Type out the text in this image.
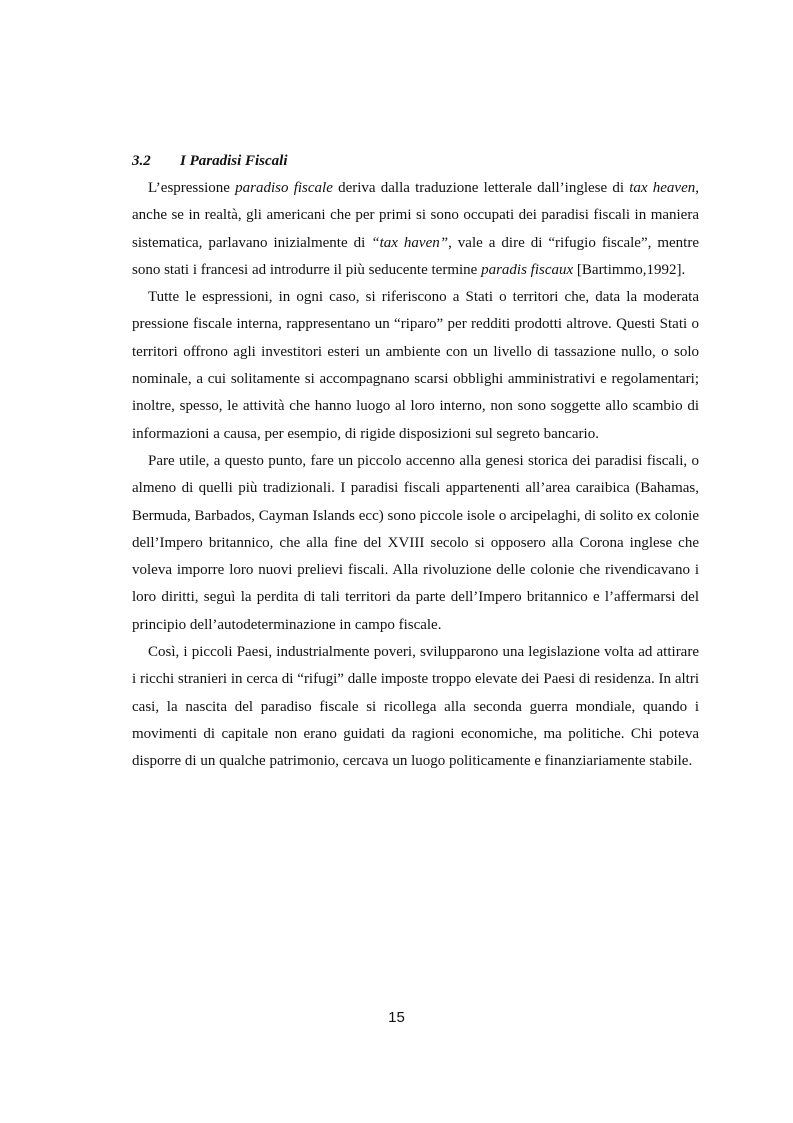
3.2 I Paradisi Fiscali

L’espressione paradiso fiscale deriva dalla traduzione letterale dall’inglese di tax heaven, anche se in realtà, gli americani che per primi si sono occupati dei paradisi fiscali in maniera sistematica, parlavano inizialmente di “tax haven”, vale a dire di “rifugio fiscale”, mentre sono stati i francesi ad introdurre il più seducente termine paradis fiscaux [Bartimmo,1992].

Tutte le espressioni, in ogni caso, si riferiscono a Stati o territori che, data la moderata pressione fiscale interna, rappresentano un “riparo” per redditi prodotti altrove. Questi Stati o territori offrono agli investitori esteri un ambiente con un livello di tassazione nullo, o solo nominale, a cui solitamente si accompagnano scarsi obblighi amministrativi e regolamentari; inoltre, spesso, le attività che hanno luogo al loro interno, non sono soggette allo scambio di informazioni a causa, per esempio, di rigide disposizioni sul segreto bancario.

Pare utile, a questo punto, fare un piccolo accenno alla genesi storica dei paradisi fiscali, o almeno di quelli più tradizionali. I paradisi fiscali appartenenti all’area caraibica (Bahamas, Bermuda, Barbados, Cayman Islands ecc) sono piccole isole o arcipelaghi, di solito ex colonie dell’Impero britannico, che alla fine del XVIII secolo si opposero alla Corona inglese che voleva imporre loro nuovi prelievi fiscali. Alla rivoluzione delle colonie che rivendicavano i loro diritti, seguì la perdita di tali territori da parte dell’Impero britannico e l’affermarsi del principio dell’autodeterminazione in campo fiscale.

Così, i piccoli Paesi, industrialmente poveri, svilupparono una legislazione volta ad attirare i ricchi stranieri in cerca di “rifugi” dalle imposte troppo elevate dei Paesi di residenza. In altri casi, la nascita del paradiso fiscale si ricollega alla seconda guerra mondiale, quando i movimenti di capitale non erano guidati da ragioni economiche, ma politiche. Chi poteva disporre di un qualche patrimonio, cercava un luogo politicamente e finanziariamente stabile.

15
